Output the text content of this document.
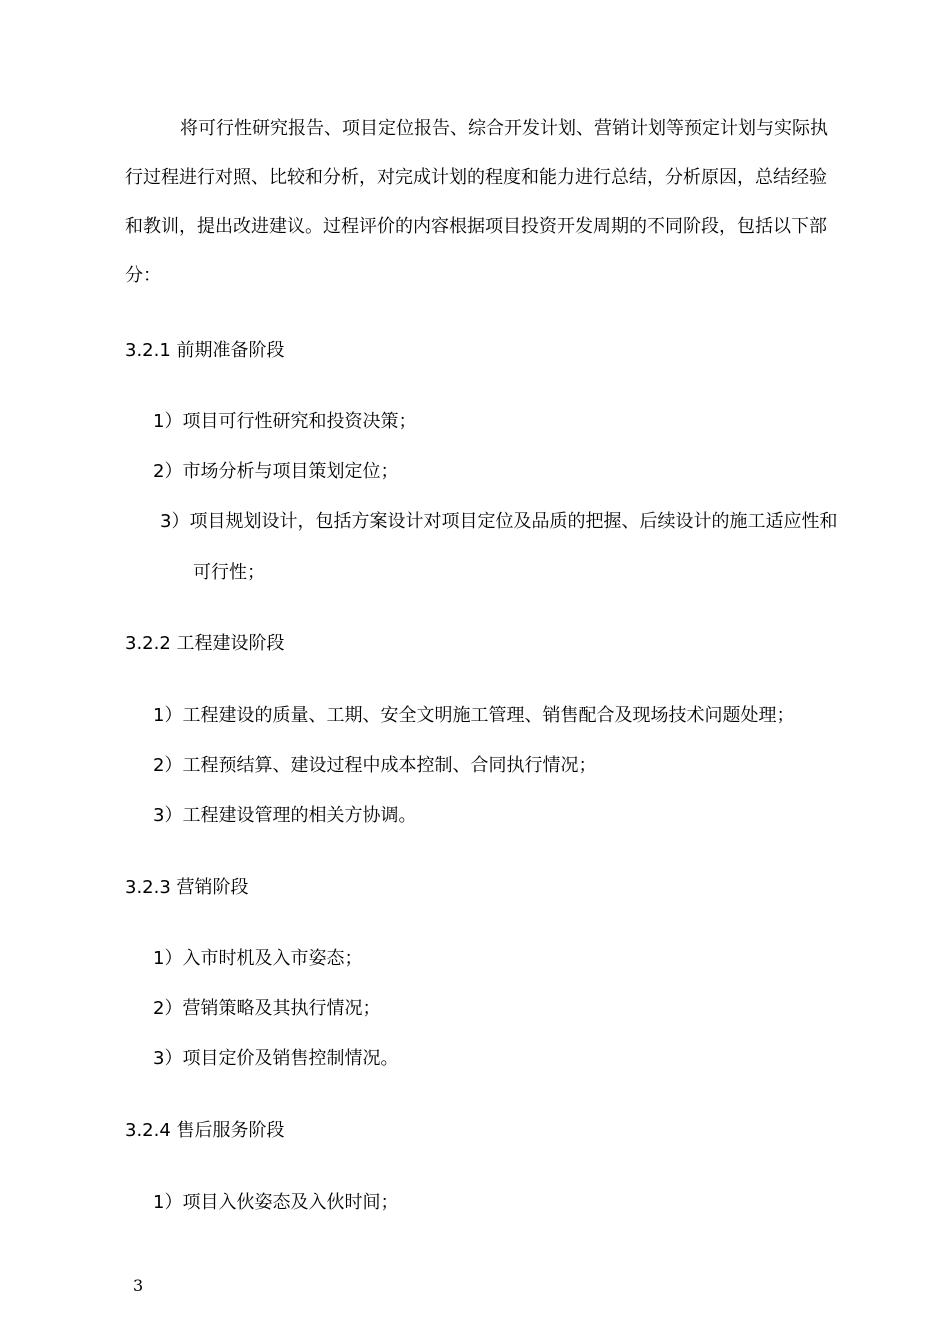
将可行性研究报告、项目定位报告、综合开发计划、营销计划等预定计划与实际执

行过程进行对照、比较和分析，对完成计划的程度和能力进行总结，分析原因，总结经验

和教训，提出改进建议。过程评价的内容根据项目投资开发周期的不同阶段，包括以下部

分：

3.2.1 前期准备阶段

1）项目可行性研究和投资决策；

2）市场分析与项目策划定位；

3）项目规划设计，包括方案设计对项目定位及品质的把握、后续设计的施工适应性和

可行性；

3.2.2 工程建设阶段

1）工程建设的质量、工期、安全文明施工管理、销售配合及现场技术问题处理；

2）工程预结算、建设过程中成本控制、合同执行情况；

3）工程建设管理的相关方协调。

3.2.3 营销阶段

1）入市时机及入市姿态；

2）营销策略及其执行情况；

3）项目定价及销售控制情况。

3.2.4 售后服务阶段

1）项目入伙姿态及入伙时间；

3
